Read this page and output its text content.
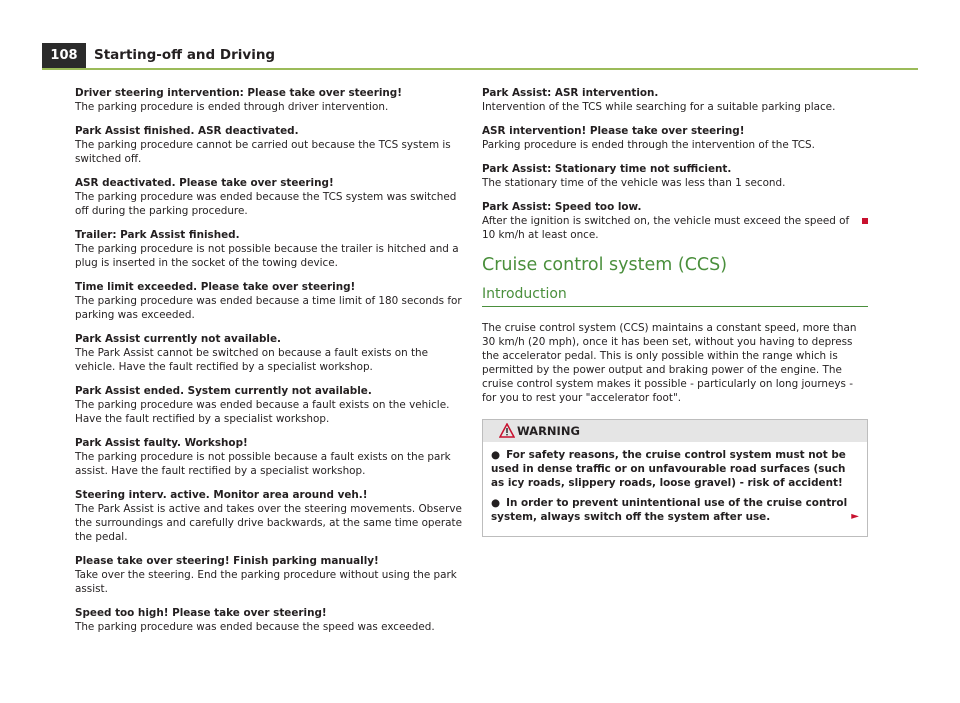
108	Starting-off and Driving
Driver steering intervention: Please take over steering!
The parking procedure is ended through driver intervention.
Park Assist finished. ASR deactivated.
The parking procedure cannot be carried out because the TCS system is switched off.
ASR deactivated. Please take over steering!
The parking procedure was ended because the TCS system was switched off during the parking procedure.
Trailer: Park Assist finished.
The parking procedure is not possible because the trailer is hitched and a plug is inserted in the socket of the towing device.
Time limit exceeded. Please take over steering!
The parking procedure was ended because a time limit of 180 seconds for parking was exceeded.
Park Assist currently not available.
The Park Assist cannot be switched on because a fault exists on the vehicle. Have the fault rectified by a specialist workshop.
Park Assist ended. System currently not available.
The parking procedure was ended because a fault exists on the vehicle. Have the fault rectified by a specialist workshop.
Park Assist faulty. Workshop!
The parking procedure is not possible because a fault exists on the park assist. Have the fault rectified by a specialist workshop.
Steering interv. active. Monitor area around veh.!
The Park Assist is active and takes over the steering movements. Observe the surroundings and carefully drive backwards, at the same time operate the pedal.
Please take over steering! Finish parking manually!
Take over the steering. End the parking procedure without using the park assist.
Speed too high! Please take over steering!
The parking procedure was ended because the speed was exceeded.
Park Assist: ASR intervention.
Intervention of the TCS while searching for a suitable parking place.
ASR intervention! Please take over steering!
Parking procedure is ended through the intervention of the TCS.
Park Assist: Stationary time not sufficient.
The stationary time of the vehicle was less than 1 second.
Park Assist: Speed too low.
After the ignition is switched on, the vehicle must exceed the speed of 10 km/h at least once.
Cruise control system (CCS)
Introduction
The cruise control system (CCS) maintains a constant speed, more than 30 km/h (20 mph), once it has been set, without you having to depress the accelerator pedal. This is only possible within the range which is permitted by the power output and braking power of the engine. The cruise control system makes it possible - particularly on long journeys - for you to rest your "accelerator foot".
WARNING
● For safety reasons, the cruise control system must not be used in dense traffic or on unfavourable road surfaces (such as icy roads, slippery roads, loose gravel) - risk of accident!
● In order to prevent unintentional use of the cruise control system, always switch off the system after use.	►
